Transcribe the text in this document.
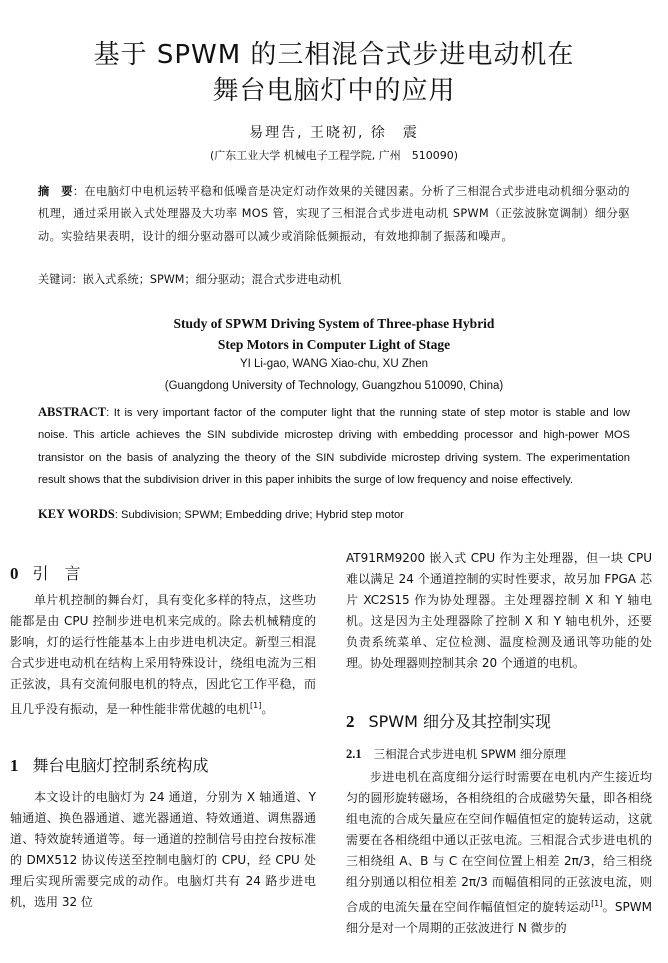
基于 SPWM 的三相混合式步进电动机在
舞台电脑灯中的应用
易理告, 王晓初, 徐　震
(广东工业大学 机械电子工程学院, 广州　510090)
摘　要：在电脑灯中电机运转平稳和低噪音是决定灯动作效果的关键因素。分析了三相混合式步进电动机细分驱动的机理，通过采用嵌入式处理器及大功率 MOS 管，实现了三相混合式步进电动机 SPWM（正弦波脉宽调制）细分驱动。实验结果表明，设计的细分驱动器可以减少或消除低频振动，有效地抑制了振荡和噪声。
关键词：嵌入式系统；SPWM；细分驱动；混合式步进电动机
Study of SPWM Driving System of Three-phase Hybrid
Step Motors in Computer Light of Stage
YI Li-gao, WANG Xiao-chu, XU Zhen
(Guangdong University of Technology, Guangzhou 510090, China)
ABSTRACT: It is very important factor of the computer light that the running state of step motor is stable and low noise. This article achieves the SIN subdivide microstep driving with embedding processor and high-power MOS transistor on the basis of analyzing the theory of the SIN subdivide microstep driving system. The experimentation result shows that the subdivision driver in this paper inhibits the surge of low frequency and noise effectively.
KEY WORDS: Subdivision; SPWM; Embedding drive; Hybrid step motor
0 引　言

单片机控制的舞台灯，具有变化多样的特点，这些功能都是由 CPU 控制步进电机来完成的。除去机械精度的影响，灯的运行性能基本上由步进电机决定。新型三相混合式步进电动机在结构上采用特殊设计，绕组电流为三相正弦波，具有交流伺服电机的特点，因此它工作平稳，而且几乎没有振动，是一种性能非常优越的电机[1]。

1 舞台电脑灯控制系统构成

本文设计的电脑灯为 24 通道，分别为 X 轴通道、Y 轴通道、换色器通道、遮光器通道、特效通道、调焦器通道、特效旋转通道等。每一通道的控制信号由控台按标准的 DMX512 协议传送至控制电脑灯的 CPU，经 CPU 处理后实现所需要完成的动作。电脑灯共有 24 路步进电机，选用 32 位

AT91RM9200 嵌入式 CPU 作为主处理器，但一块 CPU 难以满足 24 个通道控制的实时性要求，故另加 FPGA 芯片 XC2S15 作为协处理器。主处理器控制 X 和 Y 轴电机。这是因为主处理器除了控制 X 和 Y 轴电机外，还要负责系统菜单、定位检测、温度检测及通讯等功能的处理。协处理器则控制其余 20 个通道的电机。

2 SPWM 细分及其控制实现
2.1 三相混合式步进电机 SPWM 细分原理

步进电机在高度细分运行时需要在电机内产生接近均匀的圆形旋转磁场，各相绕组的合成磁势矢量，即各相绕组电流的合成矢量应在空间作幅值恒定的旋转运动，这就需要在各相绕组中通以正弦电流。三相混合式步进电机的三相绕组 A、B 与 C 在空间位置上相差 2π/3，给三相绕组分别通以相位相差 2π/3 而幅值相同的正弦波电流，则合成的电流矢量在空间作幅值恒定的旋转运动[1]。SPWM 细分是对一个周期的正弦波进行 N 微步的
